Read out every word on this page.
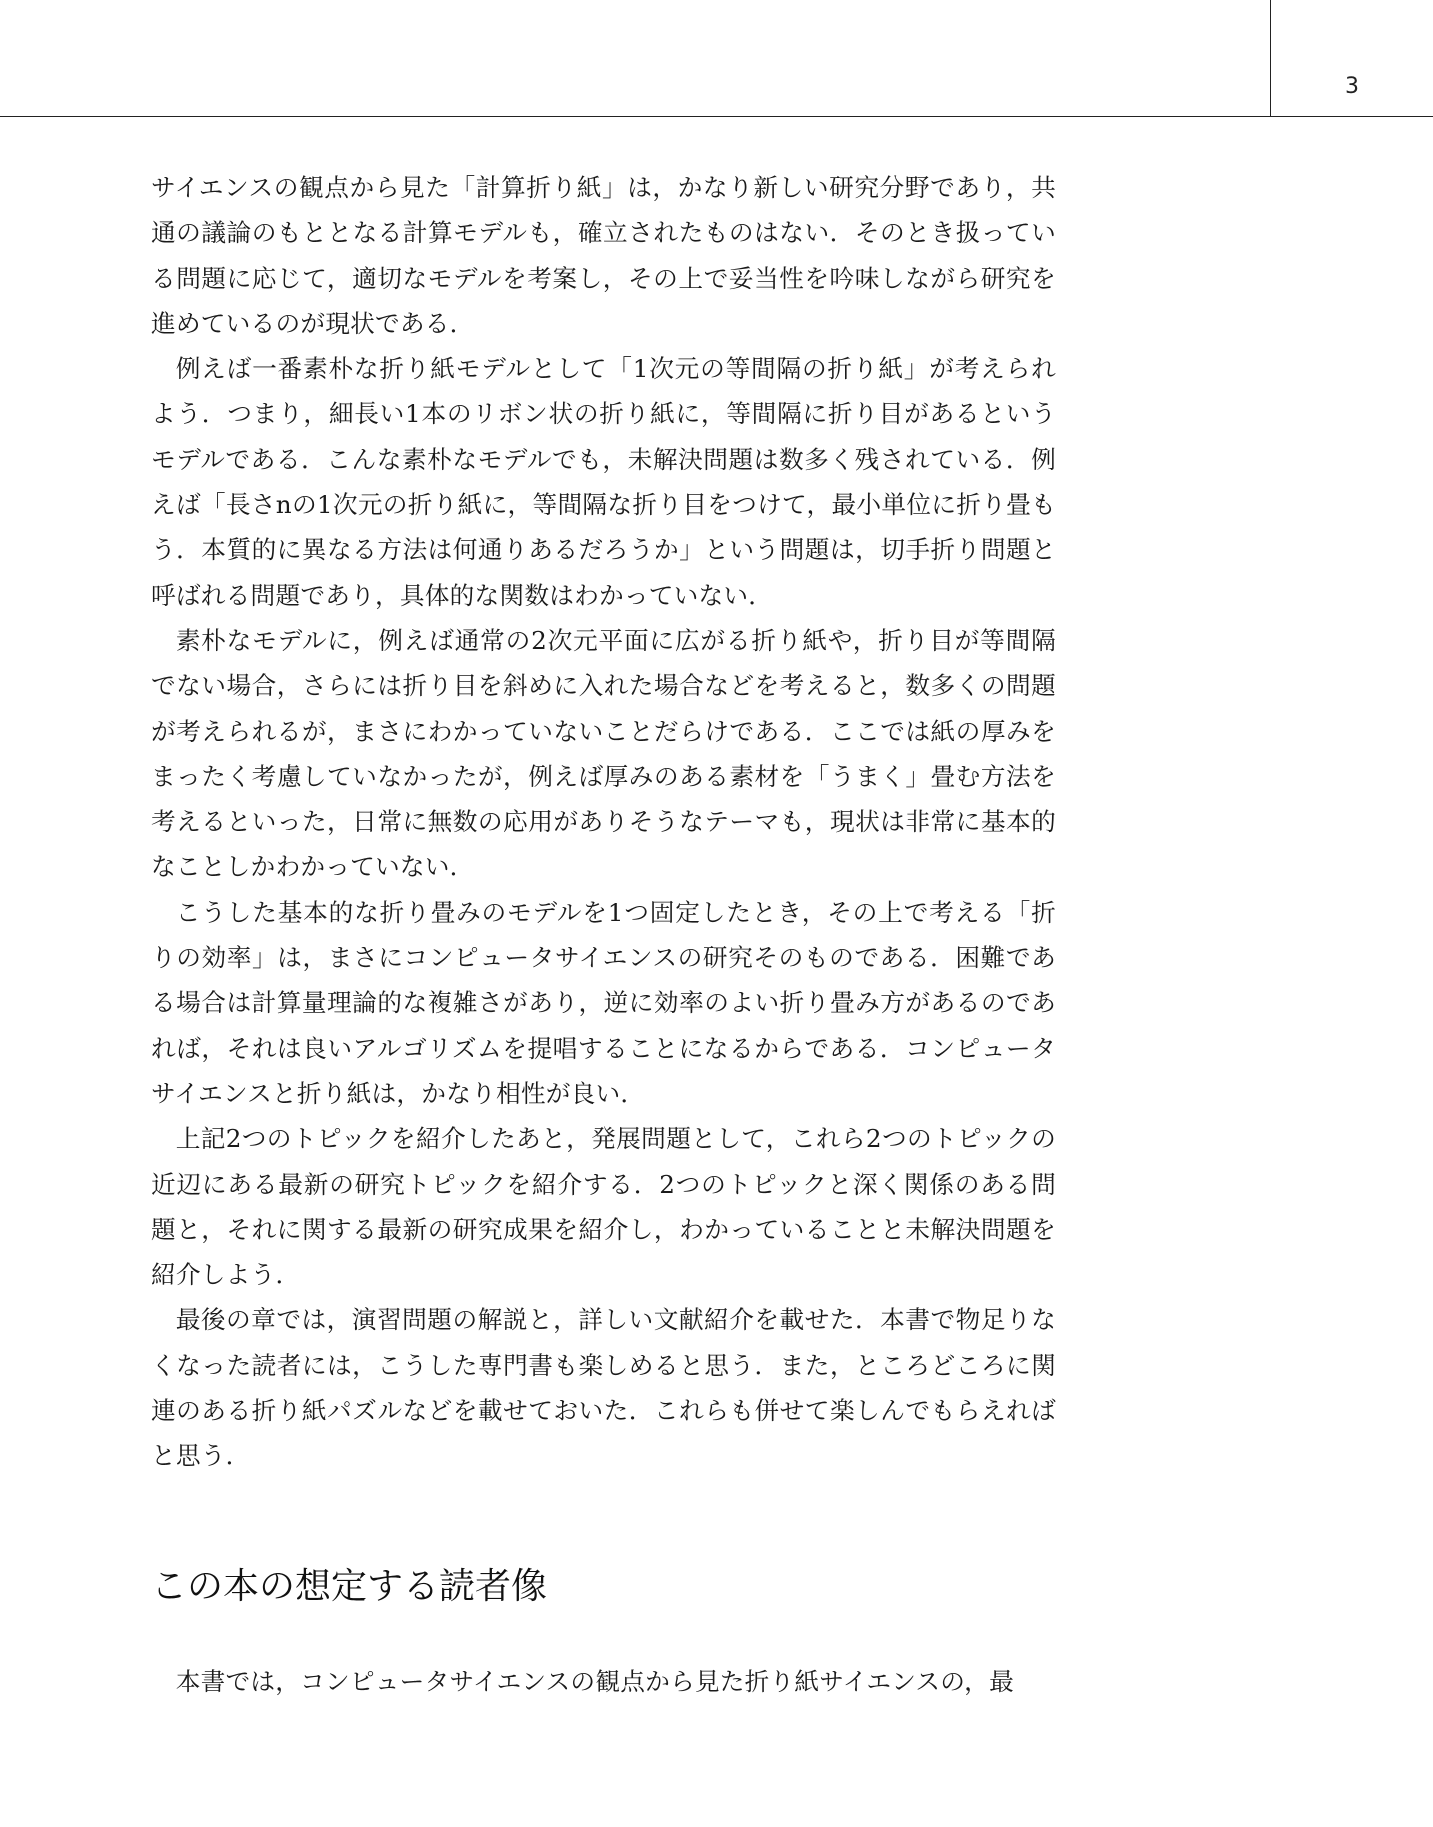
3

サイエンスの観点から見た「計算折り紙」は，かなり新しい研究分野であり，共通の議論のもととなる計算モデルも，確立されたものはない．そのとき扱っている問題に応じて，適切なモデルを考案し，その上で妥当性を吟味しながら研究を進めているのが現状である．

例えば一番素朴な折り紙モデルとして「1次元の等間隔の折り紙」が考えられよう．つまり，細長い1本のリボン状の折り紙に，等間隔に折り目があるというモデルである．こんな素朴なモデルでも，未解決問題は数多く残されている．例えば「長さnの1次元の折り紙に，等間隔な折り目をつけて，最小単位に折り畳もう．本質的に異なる方法は何通りあるだろうか」という問題は，切手折り問題と呼ばれる問題であり，具体的な関数はわかっていない．

素朴なモデルに，例えば通常の2次元平面に広がる折り紙や，折り目が等間隔でない場合，さらには折り目を斜めに入れた場合などを考えると，数多くの問題が考えられるが，まさにわかっていないことだらけである．ここでは紙の厚みをまったく考慮していなかったが，例えば厚みのある素材を「うまく」畳む方法を考えるといった，日常に無数の応用がありそうなテーマも，現状は非常に基本的なことしかわかっていない．

こうした基本的な折り畳みのモデルを1つ固定したとき，その上で考える「折りの効率」は，まさにコンピュータサイエンスの研究そのものである．困難である場合は計算量理論的な複雑さがあり，逆に効率のよい折り畳み方があるのであれば，それは良いアルゴリズムを提唱することになるからである．コンピュータサイエンスと折り紙は，かなり相性が良い．

上記2つのトピックを紹介したあと，発展問題として，これら2つのトピックの近辺にある最新の研究トピックを紹介する．2つのトピックと深く関係のある問題と，それに関する最新の研究成果を紹介し，わかっていることと未解決問題を紹介しよう．

最後の章では，演習問題の解説と，詳しい文献紹介を載せた．本書で物足りなくなった読者には，こうした専門書も楽しめると思う．また，ところどころに関連のある折り紙パズルなどを載せておいた．これらも併せて楽しんでもらえればと思う．

この本の想定する読者像

本書では，コンピュータサイエンスの観点から見た折り紙サイエンスの，最
